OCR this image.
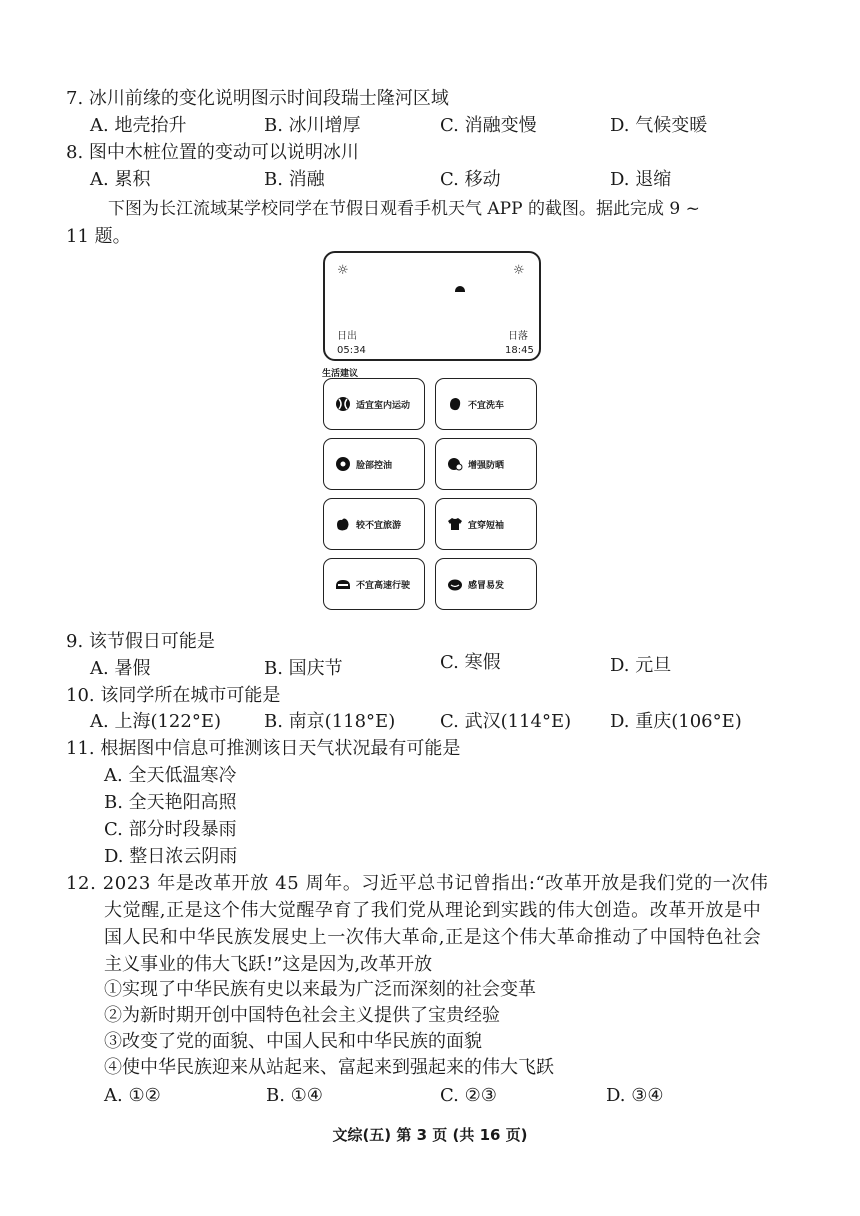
7. 冰川前缘的变化说明图示时间段瑞士隆河区域
A. 地壳抬升	B. 冰川增厚	C. 消融变慢	D. 气候变暖
8. 图中木桩位置的变动可以说明冰川
A. 累积	B. 消融	C. 移动	D. 退缩
下图为长江流域某学校同学在节假日观看手机天气 APP 的截图。据此完成 9 ~
11 题。
☼	☼
日出
05:34
日落
18:45
生活建议
适宜室内运动	不宜洗车
脸部控油	增强防晒
较不宜旅游	宜穿短袖
不宜高速行驶	感冒易发
9. 该节假日可能是
A. 暑假	B. 国庆节	C. 寒假	D. 元旦
10. 该同学所在城市可能是
A. 上海(122°E) B. 南京(118°E) C. 武汉(114°E) D. 重庆(106°E)
11. 根据图中信息可推测该日天气状况最有可能是
A. 全天低温寒冷
B. 全天艳阳高照
C. 部分时段暴雨
D. 整日浓云阴雨
12. 2023 年是改革开放 45 周年。习近平总书记曾指出:“改革开放是我们党的一次伟
大觉醒,正是这个伟大觉醒孕育了我们党从理论到实践的伟大创造。改革开放是中
国人民和中华民族发展史上一次伟大革命,正是这个伟大革命推动了中国特色社会
主义事业的伟大飞跃!”这是因为,改革开放
①实现了中华民族有史以来最为广泛而深刻的社会变革
②为新时期开创中国特色社会主义提供了宝贵经验
③改变了党的面貌、中国人民和中华民族的面貌
④使中华民族迎来从站起来、富起来到强起来的伟大飞跃
A. ①②	B. ①④	C. ②③	D. ③④
文综(五) 第 3 页 (共 16 页)
